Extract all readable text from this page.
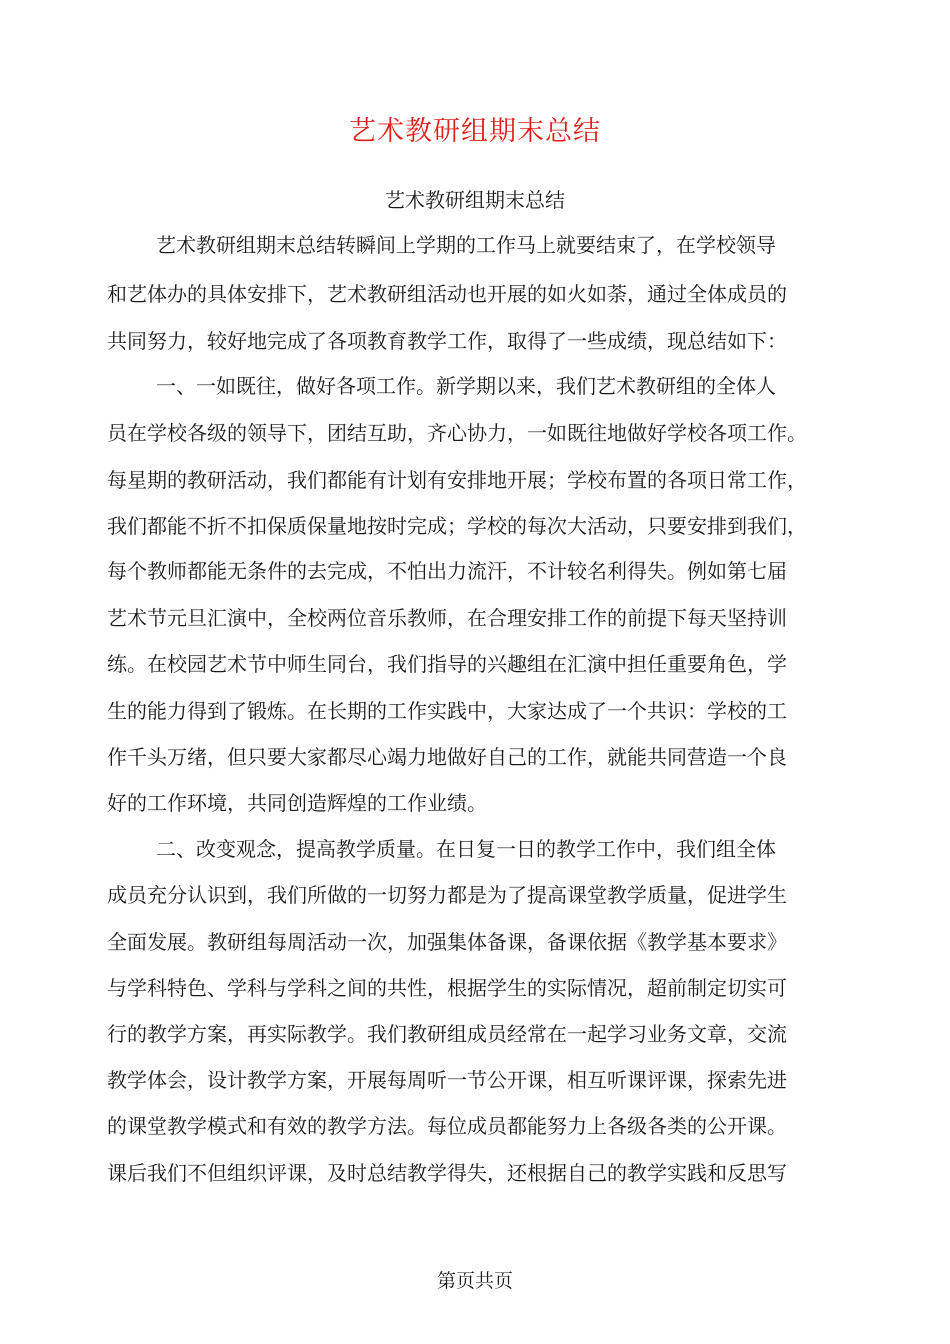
艺术教研组期末总结
艺术教研组期末总结
艺术教研组期末总结转瞬间上学期的工作马上就要结束了，在学校领导
和艺体办的具体安排下，艺术教研组活动也开展的如火如荼，通过全体成员的
共同努力，较好地完成了各项教育教学工作，取得了一些成绩，现总结如下：
一、一如既往，做好各项工作。新学期以来，我们艺术教研组的全体人
员在学校各级的领导下，团结互助，齐心协力，一如既往地做好学校各项工作。
每星期的教研活动，我们都能有计划有安排地开展；学校布置的各项日常工作，
我们都能不折不扣保质保量地按时完成；学校的每次大活动，只要安排到我们，
每个教师都能无条件的去完成，不怕出力流汗，不计较名利得失。例如第七届
艺术节元旦汇演中，全校两位音乐教师，在合理安排工作的前提下每天坚持训
练。在校园艺术节中师生同台，我们指导的兴趣组在汇演中担任重要角色，学
生的能力得到了锻炼。在长期的工作实践中，大家达成了一个共识：学校的工
作千头万绪，但只要大家都尽心竭力地做好自己的工作，就能共同营造一个良
好的工作环境，共同创造辉煌的工作业绩。
二、改变观念，提高教学质量。在日复一日的教学工作中，我们组全体
成员充分认识到，我们所做的一切努力都是为了提高课堂教学质量，促进学生
全面发展。教研组每周活动一次，加强集体备课，备课依据《教学基本要求》
与学科特色、学科与学科之间的共性，根据学生的实际情况，超前制定切实可
行的教学方案，再实际教学。我们教研组成员经常在一起学习业务文章，交流
教学体会，设计教学方案，开展每周听一节公开课，相互听课评课，探索先进
的课堂教学模式和有效的教学方法。每位成员都能努力上各级各类的公开课。
课后我们不但组织评课，及时总结教学得失，还根据自己的教学实践和反思写
第页共页
